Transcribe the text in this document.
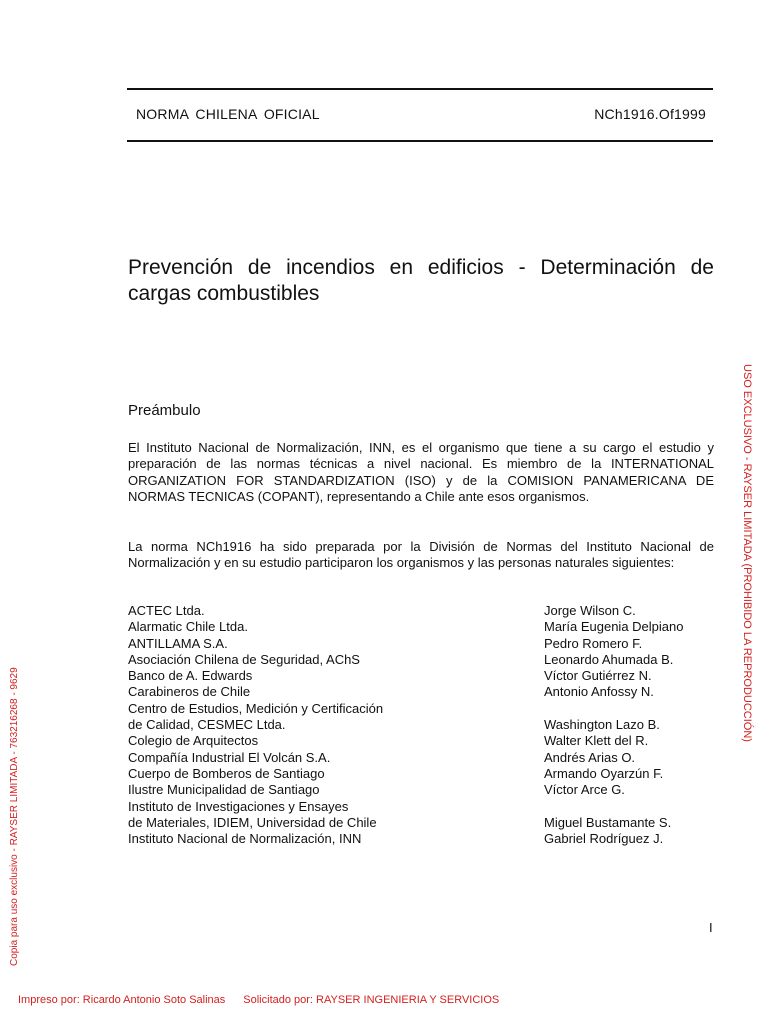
NORMA CHILENA OFICIAL	NCh1916.Of1999
Prevención de incendios en edificios - Determinación de cargas combustibles
Preámbulo

El Instituto Nacional de Normalización, INN, es el organismo que tiene a su cargo el estudio y preparación de las normas técnicas a nivel nacional. Es miembro de la INTERNATIONAL ORGANIZATION FOR STANDARDIZATION (ISO) y de la COMISION PANAMERICANA DE NORMAS TECNICAS (COPANT), representando a Chile ante esos organismos.

La norma NCh1916 ha sido preparada por la División de Normas del Instituto Nacional de Normalización y en su estudio participaron los organismos y las personas naturales siguientes:

ACTEC Ltda.	Jorge Wilson C.
Alarmatic Chile Ltda.	María Eugenia Delpiano
ANTILLAMA S.A.	Pedro Romero F.
Asociación Chilena de Seguridad, AChS	Leonardo Ahumada B.
Banco de A. Edwards	Víctor Gutiérrez N.
Carabineros de Chile	Antonio Anfossy N.
Centro de Estudios, Medición y Certificación
de Calidad, CESMEC Ltda.	Washington Lazo B.
Colegio de Arquitectos	Walter Klett del R.
Compañía Industrial El Volcán S.A.	Andrés Arias O.
Cuerpo de Bomberos de Santiago	Armando Oyarzún F.
Ilustre Municipalidad de Santiago	Víctor Arce G.
Instituto de Investigaciones y Ensayes
de Materiales, IDIEM, Universidad de Chile	Miguel Bustamante S.
Instituto Nacional de Normalización, INN	Gabriel Rodríguez J.
I
USO EXCLUSIVO - RAYSER LIMITADA (PROHIBIDO LA REPRODUCCIÓN)
Copia para uso exclusivo - RAYSER LIMITADA - 763216268 - 9629
Impreso por: Ricardo Antonio Soto Salinas Solicitado por: RAYSER INGENIERIA Y SERVICIOS
